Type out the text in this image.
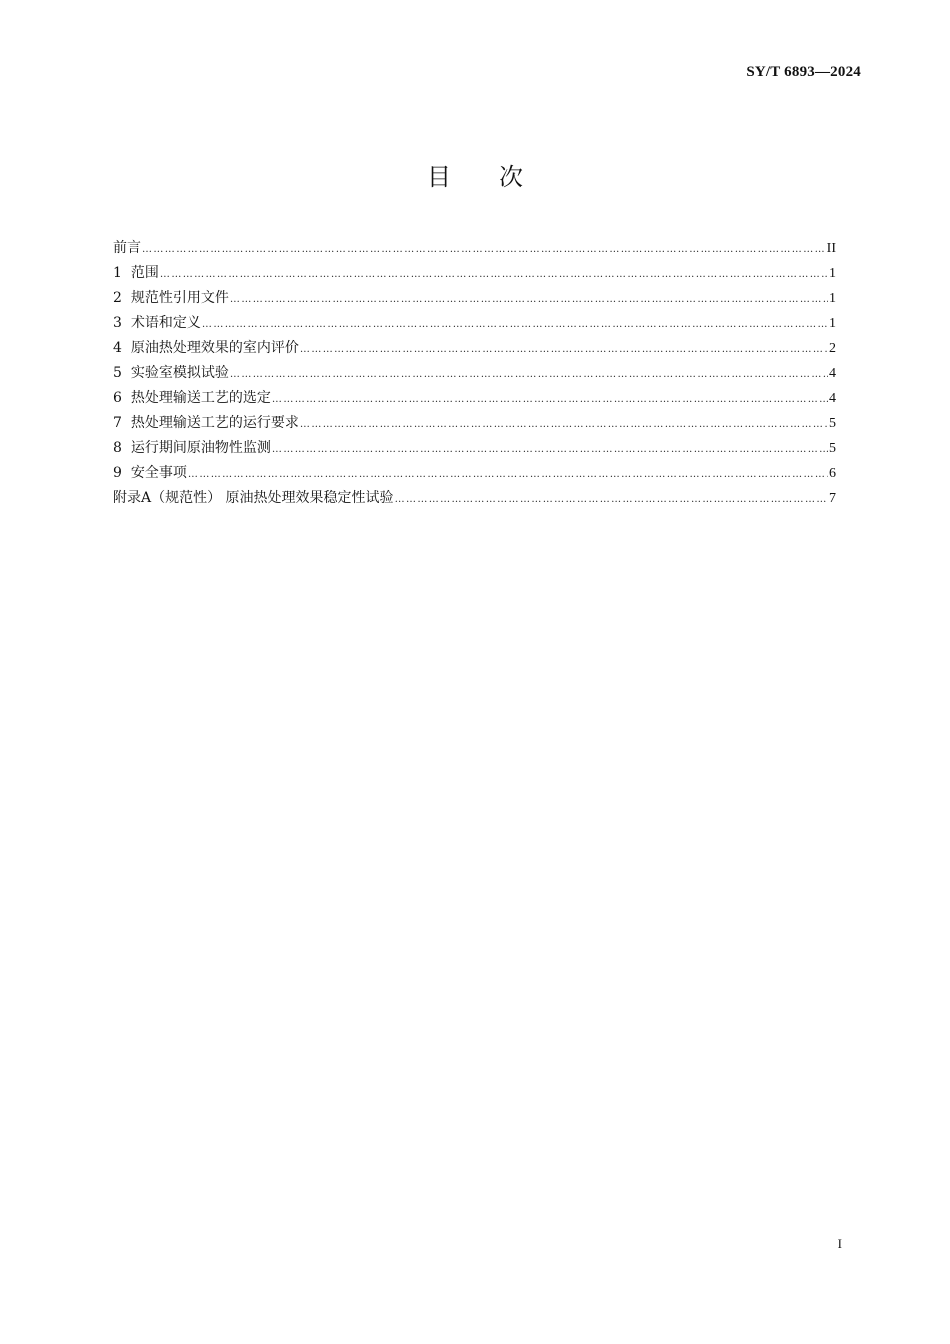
SY/T 6893—2024
目次
前言 …………………………………………………………………………………………………………………………………………………………………………	II
1 范围 …………………………………………………………………………………………………………………………………………………………………………	1
2 规范性引用文件 …………………………………………………………………………………………………………………………………………………………………………	1
3 术语和定义 …………………………………………………………………………………………………………………………………………………………………………	1
4 原油热处理效果的室内评价 …………………………………………………………………………………………………………………………………………………………………………	2
5 实验室模拟试验 …………………………………………………………………………………………………………………………………………………………………………	4
6 热处理输送工艺的选定 …………………………………………………………………………………………………………………………………………………………………………	4
7 热处理输送工艺的运行要求 …………………………………………………………………………………………………………………………………………………………………………	5
8 运行期间原油物性监测 …………………………………………………………………………………………………………………………………………………………………………	5
9 安全事项 …………………………………………………………………………………………………………………………………………………………………………	6
附录A（规范性） 原油热处理效果稳定性试验 …………………………………………………………………………………………………………………………………………………………………………	7
I
